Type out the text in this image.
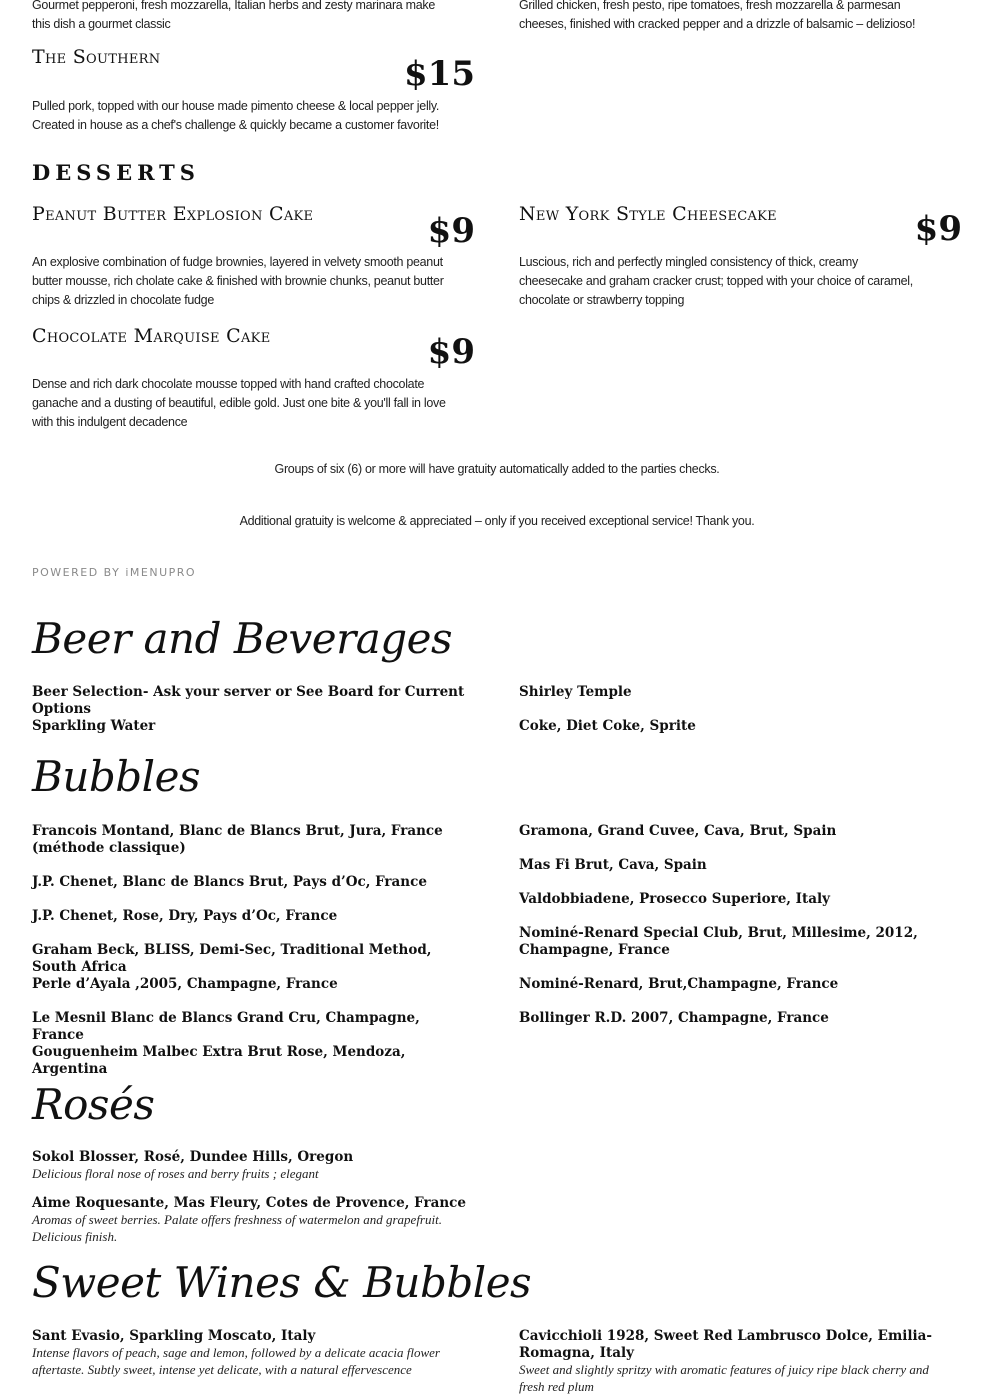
Gourmet pepperoni, fresh mozzarella, Italian herbs and zesty marinara make this dish a gourmet classic
Grilled chicken, fresh pesto, ripe tomatoes, fresh mozzarella & parmesan cheeses, finished with cracked pepper and a drizzle of balsamic – delizioso!
The Southern	$15
Pulled pork, topped with our house made pimento cheese & local pepper jelly. Created in house as a chef's challenge & quickly became a customer favorite!
DESSERTS
Peanut Butter Explosion Cake	$9
An explosive combination of fudge brownies, layered in velvety smooth peanut butter mousse, rich cholate cake & finished with brownie chunks, peanut butter chips & drizzled in chocolate fudge
New York Style Cheesecake	$9
Luscious, rich and perfectly mingled consistency of thick, creamy cheesecake and graham cracker crust; topped with your choice of caramel, chocolate or strawberry topping
Chocolate Marquise Cake	$9
Dense and rich dark chocolate mousse topped with hand crafted chocolate ganache and a dusting of beautiful, edible gold. Just one bite & you'll fall in love with this indulgent decadence
Groups of six (6) or more will have gratuity automatically added to the parties checks.
Additional gratuity is welcome & appreciated – only if you received exceptional service! Thank you.
POWERED BY iMENUPRO
Beer and Beverages
Beer Selection- Ask your server or See Board for Current Options
Sparkling Water
Shirley Temple
Coke, Diet Coke, Sprite
Bubbles
Francois Montand, Blanc de Blancs Brut, Jura, France (méthode classique)
J.P. Chenet, Blanc de Blancs Brut, Pays d’Oc, France
J.P. Chenet, Rose, Dry, Pays d’Oc, France
Graham Beck, BLISS, Demi-Sec, Traditional Method, South Africa
Perle d’Ayala ,2005, Champagne, France
Le Mesnil Blanc de Blancs Grand Cru, Champagne, France
Gouguenheim Malbec Extra Brut Rose, Mendoza, Argentina
Gramona, Grand Cuvee, Cava, Brut, Spain
Mas Fi Brut, Cava, Spain
Valdobbiadene, Prosecco Superiore, Italy
Nominé-Renard Special Club, Brut, Millesime, 2012, Champagne, France
Nominé-Renard, Brut,Champagne, France
Bollinger R.D. 2007, Champagne, France
Rosés
Sokol Blosser, Rosé, Dundee Hills, Oregon
Delicious floral nose of roses and berry fruits ; elegant
Aime Roquesante, Mas Fleury, Cotes de Provence, France
Aromas of sweet berries. Palate offers freshness of watermelon and grapefruit. Delicious finish.
Sweet Wines & Bubbles
Sant Evasio, Sparkling Moscato, Italy
Intense flavors of peach, sage and lemon, followed by a delicate acacia flower aftertaste. Subtly sweet, intense yet delicate, with a natural effervescence
Cavicchioli 1928, Sweet Red Lambrusco Dolce, Emilia-Romagna, Italy
Sweet and slightly spritzy with aromatic features of juicy ripe black cherry and fresh red plum
